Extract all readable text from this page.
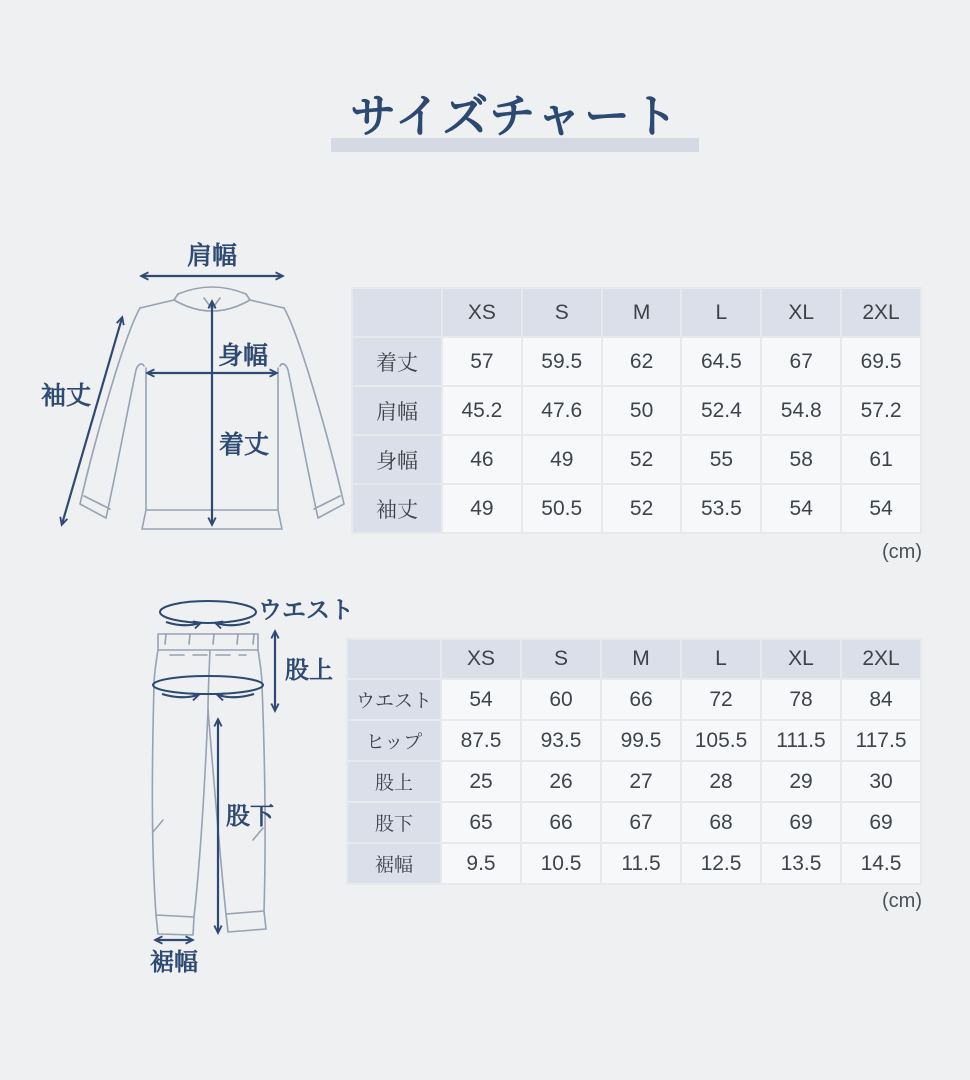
サイズチャート
肩幅
袖丈
身幅
着丈
	XS	S	M	L	XL	2XL
着丈	57	59.5	62	64.5	67	69.5
肩幅	45.2	47.6	50	52.4	54.8	57.2
身幅	46	49	52	55	58	61
袖丈	49	50.5	52	53.5	54	54
(cm)
ウエスト
股上
股下
裾幅
	XS	S	M	L	XL	2XL
ウエスト	54	60	66	72	78	84
ヒップ	87.5	93.5	99.5	105.5	111.5	117.5
股上	25	26	27	28	29	30
股下	65	66	67	68	69	69
裾幅	9.5	10.5	11.5	12.5	13.5	14.5
(cm)
